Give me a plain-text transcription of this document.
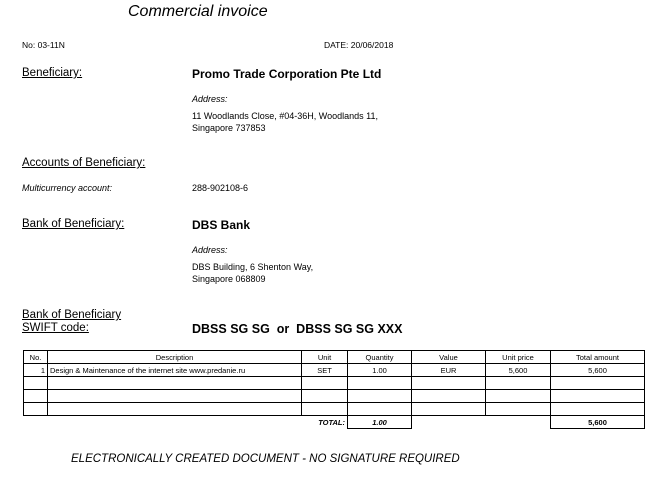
Commercial invoice
No: 03-11N	DATE: 20/06/2018
Beneficiary:	Promo Trade Corporation Pte Ltd
Address:
11 Woodlands Close, #04-36H, Woodlands 11,
Singapore 737853
Accounts of Beneficiary:
Multicurrency account:	288-902108-6
Bank of Beneficiary:	DBS Bank
Address:
DBS Building, 6 Shenton Way,
Singapore 068809
Bank of Beneficiary
SWIFT code:	DBSS SG SG  or  DBSS SG SG XXX
No.	Description	Unit	Quantity	Value	Unit price	Total amount
1	Design & Maintenance of the internet site www.predanie.ru	SET	1.00	EUR	5,600	5,600

		TOTAL:	1.00			5,600
ELECTRONICALLY CREATED DOCUMENT - NO SIGNATURE REQUIRED
